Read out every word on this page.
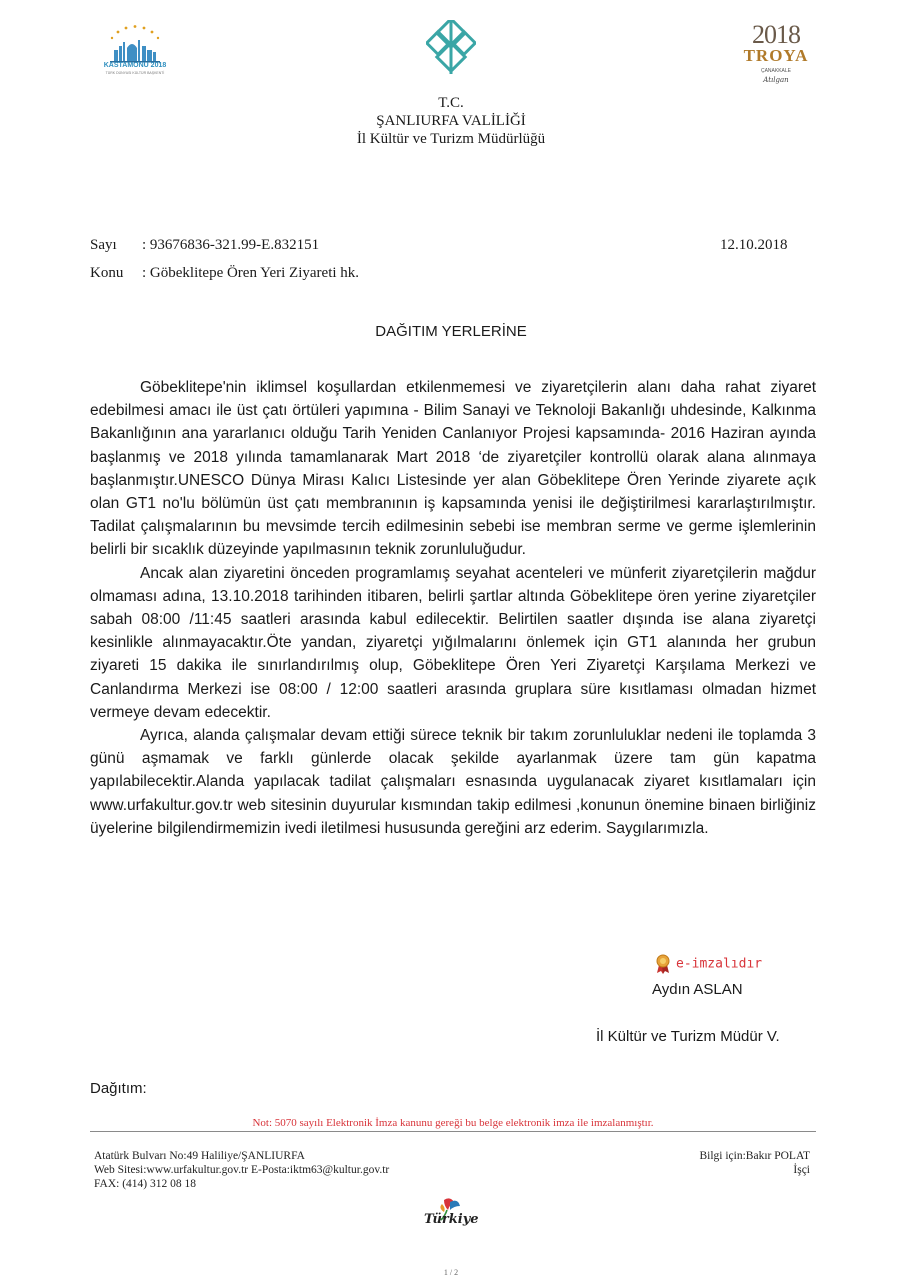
KASTAMONU 2018
TÜRK DÜNYASI KÜLTÜR BAŞKENTİ
2018
TROYA
ÇANAKKALE
Atılgan
T.C.
ŞANLIURFA VALİLİĞİ
İl Kültür ve Turizm Müdürlüğü
Sayı : 93676836-321.99-E.832151	12.10.2018
Konu : Göbeklitepe Ören Yeri Ziyareti hk.
DAĞITIM YERLERİNE

Göbeklitepe'nin iklimsel koşullardan etkilenmemesi ve ziyaretçilerin alanı daha rahat ziyaret edebilmesi amacı ile üst çatı örtüleri yapımına - Bilim Sanayi ve Teknoloji Bakanlığı uhdesinde, Kalkınma Bakanlığının ana yararlanıcı olduğu Tarih Yeniden Canlanıyor Projesi kapsamında- 2016 Haziran ayında başlanmış ve 2018 yılında tamamlanarak Mart 2018 ‘de ziyaretçiler kontrollü olarak alana alınmaya başlanmıştır.UNESCO Dünya Mirası Kalıcı Listesinde yer alan Göbeklitepe Ören Yerinde ziyarete açık olan GT1 no'lu bölümün üst çatı membranının iş kapsamında yenisi ile değiştirilmesi kararlaştırılmıştır. Tadilat çalışmalarının bu mevsimde tercih edilmesinin sebebi ise membran serme ve germe işlemlerinin belirli bir sıcaklık düzeyinde yapılmasının teknik zorunluluğudur.

Ancak alan ziyaretini önceden programlamış seyahat acenteleri ve münferit ziyaretçilerin mağdur olmaması adına, 13.10.2018 tarihinden itibaren, belirli şartlar altında Göbeklitepe ören yerine ziyaretçiler sabah 08:00 /11:45 saatleri arasında kabul edilecektir. Belirtilen saatler dışında ise alana ziyaretçi kesinlikle alınmayacaktır.Öte yandan, ziyaretçi yığılmalarını önlemek için GT1 alanında her grubun ziyareti 15 dakika ile sınırlandırılmış olup, Göbeklitepe Ören Yeri Ziyaretçi Karşılama Merkezi ve Canlandırma Merkezi ise 08:00 / 12:00 saatleri arasında gruplara süre kısıtlaması olmadan hizmet vermeye devam edecektir.

Ayrıca, alanda çalışmalar devam ettiği sürece teknik bir takım zorunluluklar nedeni ile toplamda 3 günü aşmamak ve farklı günlerde olacak şekilde ayarlanmak üzere tam gün kapatma yapılabilecektir.Alanda yapılacak tadilat çalışmaları esnasında uygulanacak ziyaret kısıtlamaları için www.urfakultur.gov.tr web sitesinin duyurular kısmından takip edilmesi ,konunun önemine binaen birliğiniz üyelerine bilgilendirmemizin ivedi iletilmesi hususunda gereğini arz ederim. Saygılarımızla.

e-imzalıdır
Aydın ASLAN
İl Kültür ve Turizm Müdür V.
Dağıtım:
Not: 5070 sayılı Elektronik İmza kanunu gereği bu belge elektronik imza ile imzalanmıştır.
Atatürk Bulvarı No:49 Haliliye/ŞANLIURFA
Web Sitesi:www.urfakultur.gov.tr E-Posta:iktm63@kultur.gov.tr
FAX: (414) 312 08 18
Bilgi için:Bakır POLAT
İşçi
Türkiye
1 / 2
